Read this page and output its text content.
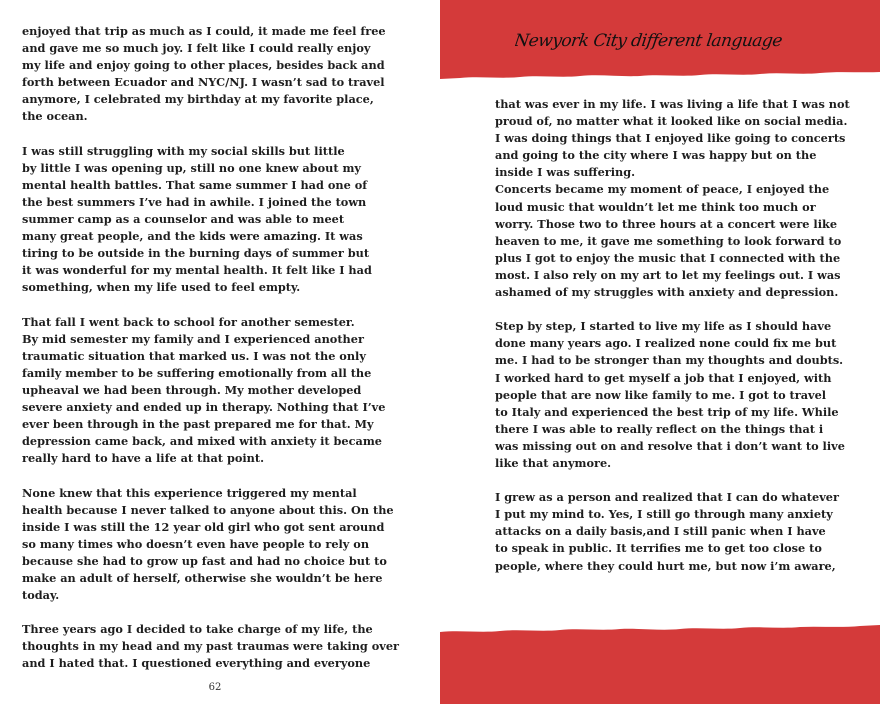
enjoyed that trip as much as I could, it made me feel free
and gave me so much joy. I felt like I could really enjoy
my life and enjoy going to other places, besides back and
forth between Ecuador and NYC/NJ. I wasn’t sad to travel
anymore, I celebrated my birthday at my favorite place,
the ocean.

I was still struggling with my social skills but little
by little I was opening up, still no one knew about my
mental health battles. That same summer I had one of
the best summers I’ve had in awhile. I joined the town
summer camp as a counselor and was able to meet
many great people, and the kids were amazing. It was
tiring to be outside in the burning days of summer but
it was wonderful for my mental health. It felt like I had
something, when my life used to feel empty.

That fall I went back to school for another semester.
By mid semester my family and I experienced another
traumatic situation that marked us. I was not the only
family member to be suffering emotionally from all the
upheaval we had been through. My mother developed
severe anxiety and ended up in therapy. Nothing that I’ve
ever been through in the past prepared me for that. My
depression came back, and mixed with anxiety it became
really hard to have a life at that point.

None knew that this experience triggered my mental
health because I never talked to anyone about this. On the
inside I was still the 12 year old girl who got sent around
so many times who doesn’t even have people to rely on
because she had to grow up fast and had no choice but to
make an adult of herself, otherwise she wouldn’t be here
today.

Three years ago I decided to take charge of my life, the
thoughts in my head and my past traumas were taking over
and I hated that. I questioned everything and everyone

62
Newyork City different language

that was ever in my life. I was living a life that I was not
proud of, no matter what it looked like on social media.
I was doing things that I enjoyed like going to concerts
and going to the city where I was happy but on the
inside I was suffering.
Concerts became my moment of peace, I enjoyed the
loud music that wouldn’t let me think too much or
worry. Those two to three hours at a concert were like
heaven to me, it gave me something to look forward to
plus I got to enjoy the music that I connected with the
most. I also rely on my art to let my feelings out. I was
ashamed of my struggles with anxiety and depression.

Step by step, I started to live my life as I should have
done many years ago. I realized none could fix me but
me. I had to be stronger than my thoughts and doubts.
I worked hard to get myself a job that I enjoyed, with
people that are now like family to me. I got to travel
to Italy and experienced the best trip of my life. While
there I was able to really reflect on the things that i
was missing out on and resolve that i don’t want to live
like that anymore.

I grew as a person and realized that I can do whatever
I put my mind to. Yes, I still go through many anxiety
attacks on a daily basis,and I still panic when I have
to speak in public. It terrifies me to get too close to
people, where they could hurt me, but now i’m aware,
